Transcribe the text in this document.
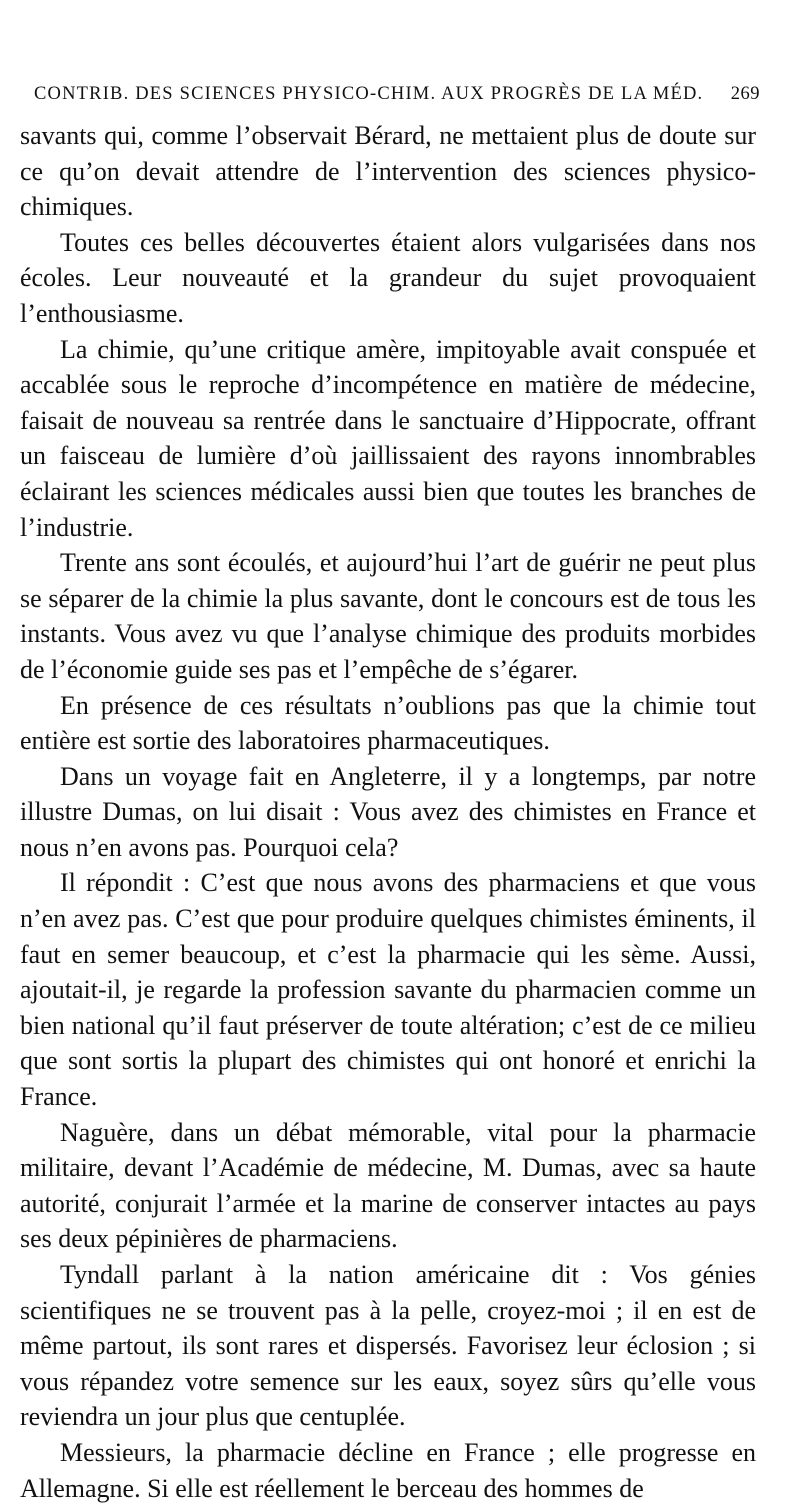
CONTRIB. DES SCIENCES PHYSICO-CHIM. AUX PROGRÈS DE LA MÉD. 269

savants qui, comme l’observait Bérard, ne mettaient plus de doute sur ce qu’on devait attendre de l’intervention des sciences physico-chimiques.

Toutes ces belles découvertes étaient alors vulgarisées dans nos écoles. Leur nouveauté et la grandeur du sujet provoquaient l’enthousiasme.

La chimie, qu’une critique amère, impitoyable avait conspuée et accablée sous le reproche d’incompétence en matière de médecine, faisait de nouveau sa rentrée dans le sanctuaire d’Hippocrate, offrant un faisceau de lumière d’où jaillissaient des rayons innombrables éclairant les sciences médicales aussi bien que toutes les branches de l’industrie.

Trente ans sont écoulés, et aujourd’hui l’art de guérir ne peut plus se séparer de la chimie la plus savante, dont le concours est de tous les instants. Vous avez vu que l’analyse chimique des produits morbides de l’économie guide ses pas et l’empêche de s’égarer.

En présence de ces résultats n’oublions pas que la chimie tout entière est sortie des laboratoires pharmaceutiques.

Dans un voyage fait en Angleterre, il y a longtemps, par notre illustre Dumas, on lui disait : Vous avez des chimistes en France et nous n’en avons pas. Pourquoi cela?

Il répondit : C’est que nous avons des pharmaciens et que vous n’en avez pas. C’est que pour produire quelques chimistes éminents, il faut en semer beaucoup, et c’est la pharmacie qui les sème. Aussi, ajoutait-il, je regarde la profession savante du pharmacien comme un bien national qu’il faut préserver de toute altération; c’est de ce milieu que sont sortis la plupart des chimistes qui ont honoré et enrichi la France.

Naguère, dans un débat mémorable, vital pour la pharmacie militaire, devant l’Académie de médecine, M. Dumas, avec sa haute autorité, conjurait l’armée et la marine de conserver intactes au pays ses deux pépinières de pharmaciens.

Tyndall parlant à la nation américaine dit : Vos génies scientifiques ne se trouvent pas à la pelle, croyez-moi ; il en est de même partout, ils sont rares et dispersés. Favorisez leur éclosion ; si vous répandez votre semence sur les eaux, soyez sûrs qu’elle vous reviendra un jour plus que centuplée.

Messieurs, la pharmacie décline en France ; elle progresse en Allemagne. Si elle est réellement le berceau des hommes de
